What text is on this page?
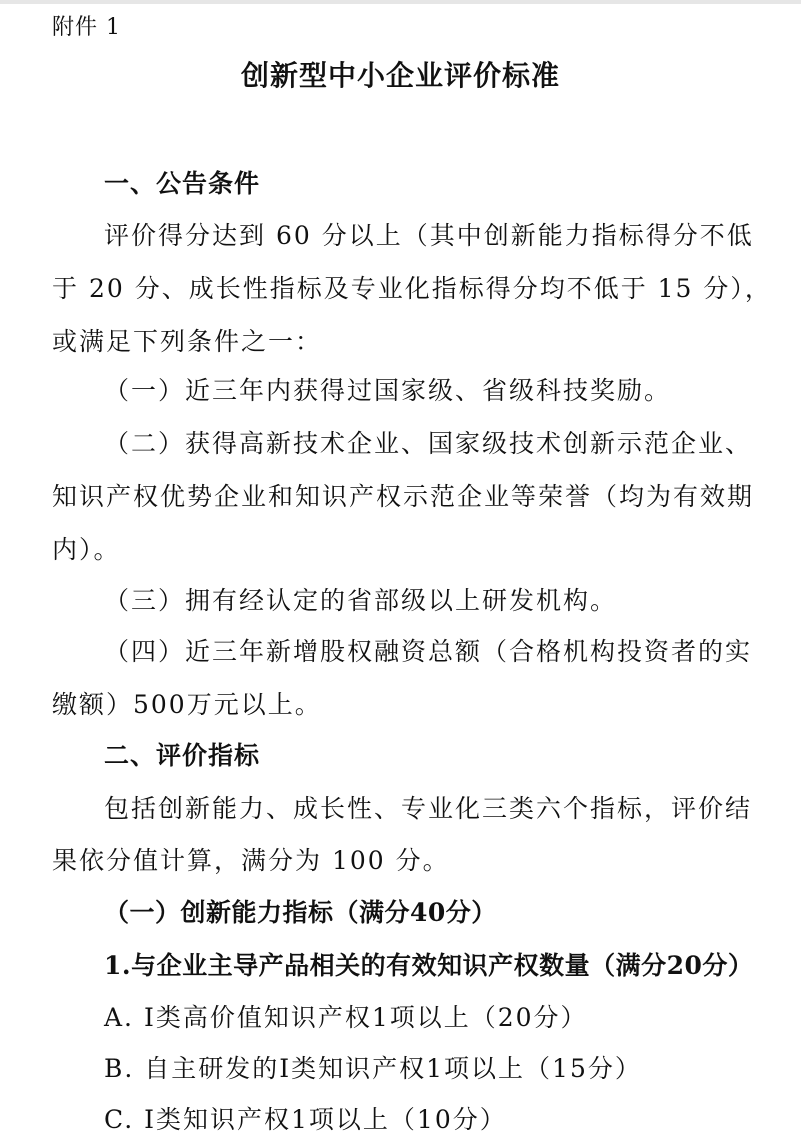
附件 1
创新型中小企业评价标准
一、公告条件
评价得分达到 60 分以上（其中创新能力指标得分不低
于 20 分、成长性指标及专业化指标得分均不低于 15 分），
或满足下列条件之一：
（一）近三年内获得过国家级、省级科技奖励。
（二）获得高新技术企业、国家级技术创新示范企业、
知识产权优势企业和知识产权示范企业等荣誉（均为有效期
内）。
（三）拥有经认定的省部级以上研发机构。
（四）近三年新增股权融资总额（合格机构投资者的实
缴额）500万元以上。
二、评价指标
包括创新能力、成长性、专业化三类六个指标，评价结
果依分值计算，满分为 100 分。
（一）创新能力指标（满分40分）
1.与企业主导产品相关的有效知识产权数量（满分20分）
A. I类高价值知识产权1项以上（20分）
B. 自主研发的I类知识产权1项以上（15分）
C. I类知识产权1项以上（10分）
